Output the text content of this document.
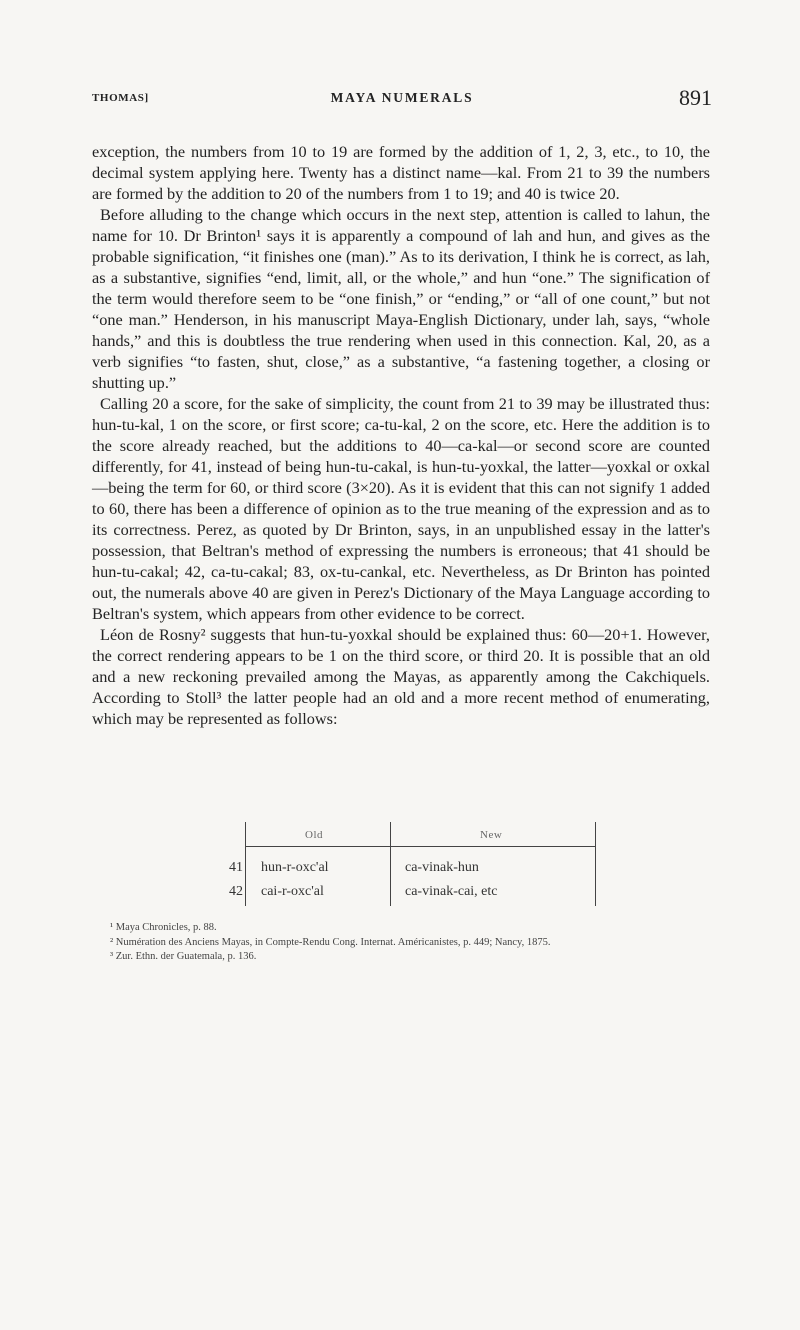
THOMAS]	MAYA NUMERALS	891

exception, the numbers from 10 to 19 are formed by the addition of 1, 2, 3, etc., to 10, the decimal system applying here. Twenty has a distinct name—kal. From 21 to 39 the numbers are formed by the addition to 20 of the numbers from 1 to 19; and 40 is twice 20.

Before alluding to the change which occurs in the next step, attention is called to lahun, the name for 10. Dr Brinton¹ says it is apparently a compound of lah and hun, and gives as the probable signification, “it finishes one (man).” As to its derivation, I think he is correct, as lah, as a substantive, signifies “end, limit, all, or the whole,” and hun “one.” The signification of the term would therefore seem to be “one finish,” or “ending,” or “all of one count,” but not “one man.” Henderson, in his manuscript Maya-English Dictionary, under lah, says, “whole hands,” and this is doubtless the true rendering when used in this connection. Kal, 20, as a verb signifies “to fasten, shut, close,” as a substantive, “a fastening together, a closing or shutting up.”

Calling 20 a score, for the sake of simplicity, the count from 21 to 39 may be illustrated thus: hun-tu-kal, 1 on the score, or first score; ca-tu-kal, 2 on the score, etc. Here the addition is to the score already reached, but the additions to 40—ca-kal—or second score are counted differently, for 41, instead of being hun-tu-cakal, is hun-tu-yoxkal, the latter—yoxkal or oxkal—being the term for 60, or third score (3×20). As it is evident that this can not signify 1 added to 60, there has been a difference of opinion as to the true meaning of the expression and as to its correctness. Perez, as quoted by Dr Brinton, says, in an unpublished essay in the latter's possession, that Beltran's method of expressing the numbers is erroneous; that 41 should be hun-tu-cakal; 42, ca-tu-cakal; 83, ox-tu-cankal, etc. Nevertheless, as Dr Brinton has pointed out, the numerals above 40 are given in Perez's Dictionary of the Maya Language according to Beltran's system, which appears from other evidence to be correct.

Léon de Rosny² suggests that hun-tu-yoxkal should be explained thus: 60—20+1. However, the correct rendering appears to be 1 on the third score, or third 20. It is possible that an old and a new reckoning prevailed among the Mayas, as apparently among the Cakchiquels. According to Stoll³ the latter people had an old and a more recent method of enumerating, which may be represented as follows:

Old	New
41 hun-r-oxc'al	ca-vinak-hun
42 cai-r-oxc'al	ca-vinak-cai, etc

¹ Maya Chronicles, p. 88.

² Numération des Anciens Mayas, in Compte-Rendu Cong. Internat. Américanistes, p. 449; Nancy, 1875.

³ Zur. Ethn. der Guatemala, p. 136.
